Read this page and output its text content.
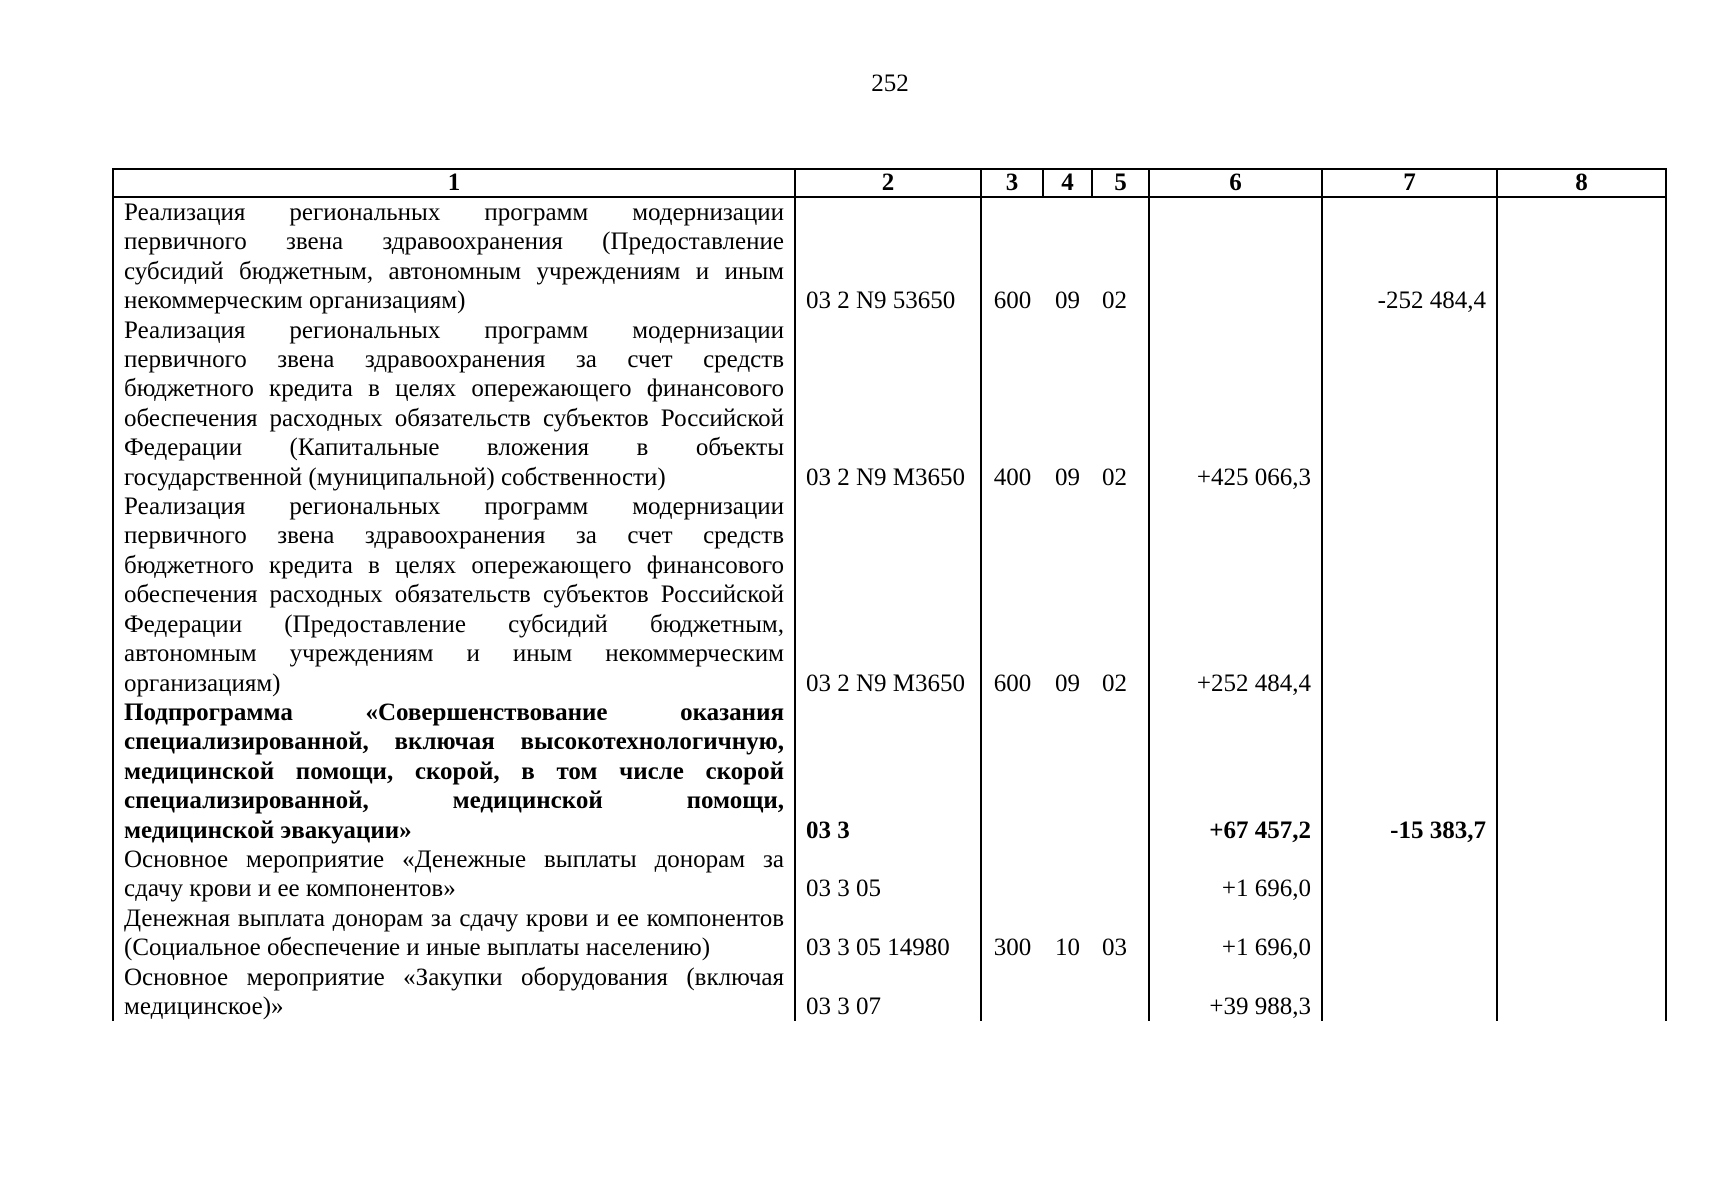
252
1	2	3	4	5	6	7	8
Реализация региональных программ модернизации первичного звена здравоохранения (Предоставление субсидий бюджетным, автономным учреждениям и иным некоммерческим организациям)	03 2 N9 53650	600	09	02		-252 484,4	
Реализация региональных программ модернизации первичного звена здравоохранения за счет средств бюджетного кредита в целях опережающего финансового обеспечения расходных обязательств субъектов Российской Федерации (Капитальные вложения в объекты государственной (муниципальной) собственности)	03 2 N9 M3650	400	09	02	+425 066,3		
Реализация региональных программ модернизации первичного звена здравоохранения за счет средств бюджетного кредита в целях опережающего финансового обеспечения расходных обязательств субъектов Российской Федерации (Предоставление субсидий бюджетным, автономным учреждениям и иным некоммерческим организациям)	03 2 N9 M3650	600	09	02	+252 484,4		
Подпрограмма «Совершенствование оказания специализированной, включая высокотехнологичную, медицинской помощи, скорой, в том числе скорой специализированной, медицинской помощи, медицинской эвакуации»	03 3				+67 457,2	-15 383,7	
Основное мероприятие «Денежные выплаты донорам за сдачу крови и ее компонентов»	03 3 05				+1 696,0		
Денежная выплата донорам за сдачу крови и ее компонентов (Социальное обеспечение и иные выплаты населению)	03 3 05 14980	300	10	03	+1 696,0		
Основное мероприятие «Закупки оборудования (включая медицинское)»	03 3 07				+39 988,3		
